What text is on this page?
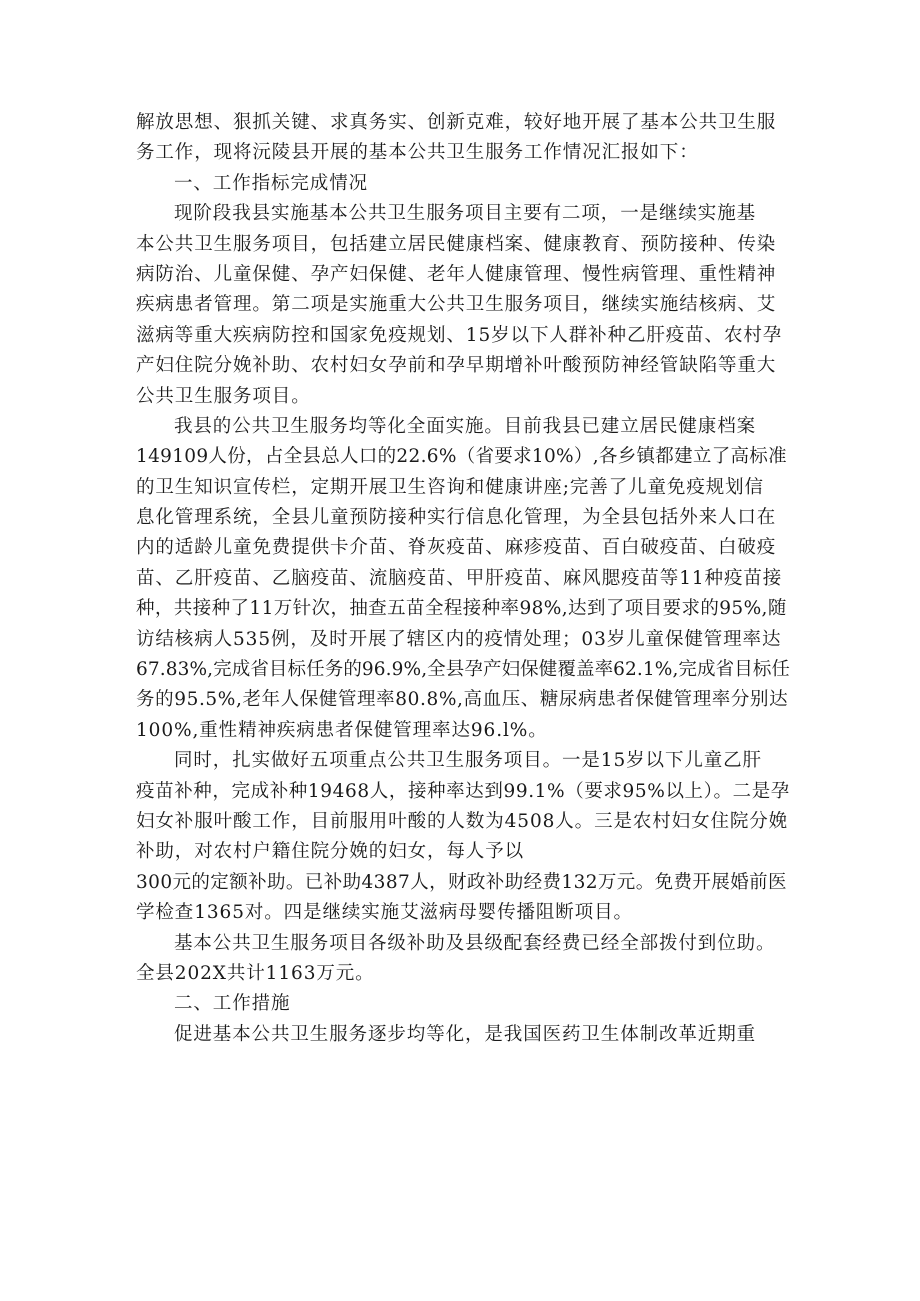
解放思想、狠抓关键、求真务实、创新克难，较好地开展了基本公共卫生服
务工作，现将沅陵县开展的基本公共卫生服务工作情况汇报如下：
一、工作指标完成情况
现阶段我县实施基本公共卫生服务项目主要有二项，一是继续实施基
本公共卫生服务项目，包括建立居民健康档案、健康教育、预防接种、传染
病防治、儿童保健、孕产妇保健、老年人健康管理、慢性病管理、重性精神
疾病患者管理。第二项是实施重大公共卫生服务项目，继续实施结核病、艾
滋病等重大疾病防控和国家免疫规划、15岁以下人群补种乙肝疫苗、农村孕
产妇住院分娩补助、农村妇女孕前和孕早期增补叶酸预防神经管缺陷等重大
公共卫生服务项目。
我县的公共卫生服务均等化全面实施。目前我县已建立居民健康档案
149109人份，占全县总人口的22.6%（省要求10%）,各乡镇都建立了高标准
的卫生知识宣传栏，定期开展卫生咨询和健康讲座;完善了儿童免疫规划信
息化管理系统，全县儿童预防接种实行信息化管理，为全县包括外来人口在
内的适龄儿童免费提供卡介苗、脊灰疫苗、麻疹疫苗、百白破疫苗、白破疫
苗、乙肝疫苗、乙脑疫苗、流脑疫苗、甲肝疫苗、麻风腮疫苗等11种疫苗接
种，共接种了11万针次，抽查五苗全程接种率98%,达到了项目要求的95%,随
访结核病人535例，及时开展了辖区内的疫情处理；03岁儿童保健管理率达
67.83%,完成省目标任务的96.9%,全县孕产妇保健覆盖率62.1%,完成省目标任
务的95.5%,老年人保健管理率80.8%,高血压、糖尿病患者保健管理率分别达
100%,重性精神疾病患者保健管理率达96.l%。
同时，扎实做好五项重点公共卫生服务项目。一是15岁以下儿童乙肝
疫苗补种，完成补种19468人，接种率达到99.1%（要求95%以上）。二是孕
妇女补服叶酸工作，目前服用叶酸的人数为4508人。三是农村妇女住院分娩
补助，对农村户籍住院分娩的妇女，每人予以
300元的定额补助。已补助4387人，财政补助经费132万元。免费开展婚前医
学检查1365对。四是继续实施艾滋病母婴传播阻断项目。
基本公共卫生服务项目各级补助及县级配套经费已经全部拨付到位助。
全县202X共计1163万元。
二、工作措施
促进基本公共卫生服务逐步均等化，是我国医药卫生体制改革近期重
